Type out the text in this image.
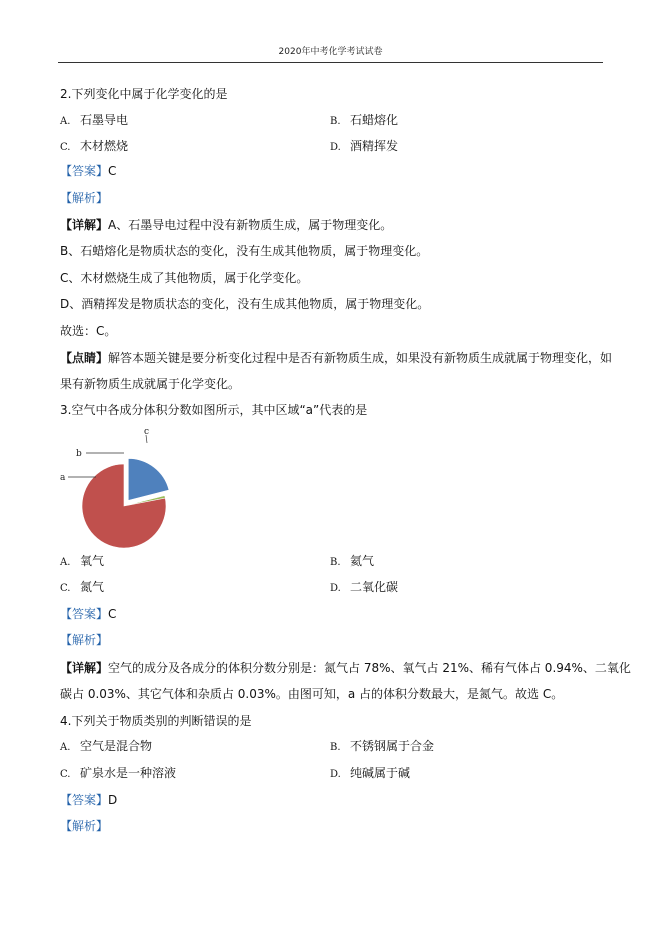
2020年中考化学考试试卷
2.下列变化中属于化学变化的是
A. 石墨导电	B. 石蜡熔化
C. 木材燃烧	D. 酒精挥发
【答案】C
【解析】
【详解】A、石墨导电过程中没有新物质生成，属于物理变化。
B、石蜡熔化是物质状态的变化，没有生成其他物质，属于物理变化。
C、木材燃烧生成了其他物质，属于化学变化。
D、酒精挥发是物质状态的变化，没有生成其他物质，属于物理变化。
故选：C。
【点睛】解答本题关键是要分析变化过程中是否有新物质生成，如果没有新物质生成就属于物理变化，如
果有新物质生成就属于化学变化。
3.空气中各成分体积分数如图所示，其中区域“a”代表的是
a
b
c
A. 氧气	B. 氦气
C. 氮气	D. 二氧化碳
【答案】C
【解析】
【详解】空气的成分及各成分的体积分数分别是：氮气占 78%、氧气占 21%、稀有气体占 0.94%、二氧化
碳占 0.03%、其它气体和杂质占 0.03%。由图可知，a 占的体积分数最大，是氮气。故选 C。
4.下列关于物质类别的判断错误的是
A. 空气是混合物	B. 不锈钢属于合金
C. 矿泉水是一种溶液	D. 纯碱属于碱
【答案】D
【解析】
